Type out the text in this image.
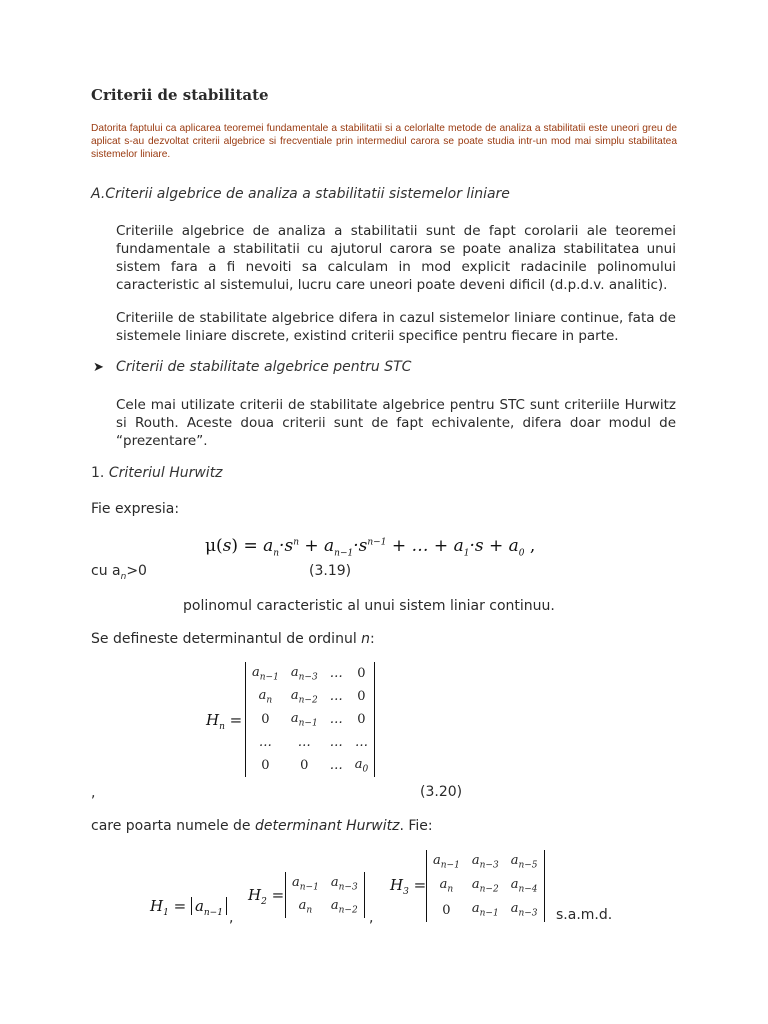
Criterii de stabilitate
Datorita faptului ca aplicarea teoremei fundamentale a stabilitatii si a celorlalte metode de analiza a stabilitatii este uneori greu de aplicat s-au dezvoltat criterii algebrice si frecventiale prin intermediul carora se poate studia intr-un mod mai simplu stabilitatea sistemelor liniare.
A.Criterii algebrice de analiza a stabilitatii sistemelor liniare
Criteriile algebrice de analiza a stabilitatii sunt de fapt corolarii ale teoremei fundamentale a stabilitatii cu ajutorul carora se poate analiza stabilitatea unui sistem fara a fi nevoiti sa calculam in mod explicit radacinile polinomului caracteristic al sistemului, lucru care uneori poate deveni dificil (d.p.d.v. analitic).
Criteriile de stabilitate algebrice difera in cazul sistemelor liniare continue, fata de sistemele liniare discrete, existind criterii specifice pentru fiecare in parte.
➤ Criterii de stabilitate algebrice pentru STC
Cele mai utilizate criterii de stabilitate algebrice pentru STC sunt criteriile Hurwitz si Routh. Aceste doua criterii sunt de fapt echivalente, difera doar modul de “prezentare”.
1. Criteriul Hurwitz
Fie expresia:
$\mu(s) = a_n\cdot s^n + a_{n-1}\cdot s^{n-1}$ + … + $a_1\cdot s + a_0$ ,
cu $a_n>0$	(3.19)
polinomul caracteristic al unui sistem liniar continuu.
Se defineste determinantul de ordinul n:
$H_n$ =
$a_{n-1}$	$a_{n-3}$	…	0
$a_n$	$a_{n-2}$	…	0
0	$a_{n-1}$	…	0
…	…	…	…
0	0	…	$a_0$
,	(3.20)
care poarta numele de determinant Hurwitz. Fie:
$H_1 = a_{n-1}$ ,
$H_2$ =
$a_{n-1}$	$a_{n-3}$
$a_n$	$a_{n-2}$ ,
$H_3$ =
$a_{n-1}$	$a_{n-3}$	$a_{n-5}$
$a_n$	$a_{n-2}$	$a_{n-4}$
0	$a_{n-1}$	$a_{n-3}$ s.a.m.d.
